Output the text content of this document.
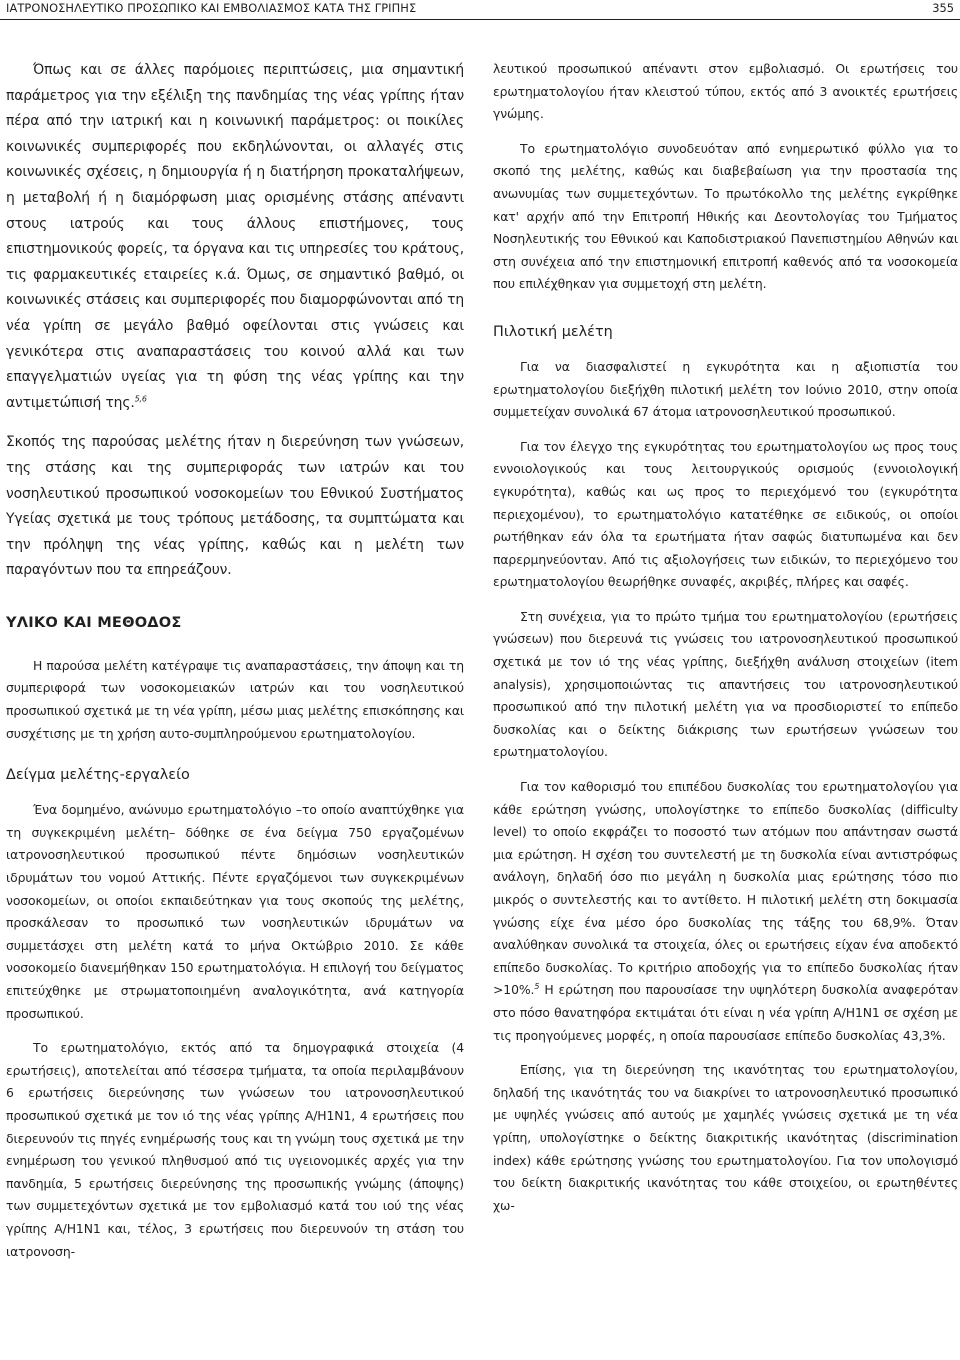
ΙΑΤΡΟΝΟΣΗΛΕΥΤΙΚΟ ΠΡΟΣΩΠΙΚΟ ΚΑΙ ΕΜΒΟΛΙΑΣΜΟΣ ΚΑΤΑ ΤΗΣ ΓΡΙΠΗΣ	355

Όπως και σε άλλες παρόμοιες περιπτώσεις, μια σημαντική παράμετρος για την εξέλιξη της πανδημίας της νέας γρίπης ήταν πέρα από την ιατρική και η κοινωνική παράμετρος: οι ποικίλες κοινωνικές συμπεριφορές που εκδηλώνονται, οι αλλαγές στις κοινωνικές σχέσεις, η δημιουργία ή η διατήρηση προκαταλήψεων, η μεταβολή ή η διαμόρφωση μιας ορισμένης στάσης απέναντι στους ιατρούς και τους άλλους επιστήμονες, τους επιστημονικούς φορείς, τα όργανα και τις υπηρεσίες του κράτους, τις φαρμακευτικές εταιρείες κ.ά. Όμως, σε σημαντικό βαθμό, οι κοινωνικές στάσεις και συμπεριφορές που διαμορφώνονται από τη νέα γρίπη σε μεγάλο βαθμό οφείλονται στις γνώσεις και γενικότερα στις αναπαραστάσεις του κοινού αλλά και των επαγγελματιών υγείας για τη φύση της νέας γρίπης και την αντιμετώπισή της.$^{5,6}$

Σκοπός της παρούσας μελέτης ήταν η διερεύνηση των γνώσεων, της στάσης και της συμπεριφοράς των ιατρών και του νοσηλευτικού προσωπικού νοσοκομείων του Εθνικού Συστήματος Υγείας σχετικά με τους τρόπους μετάδοσης, τα συμπτώματα και την πρόληψη της νέας γρίπης, καθώς και η μελέτη των παραγόντων που τα επηρεάζουν.

ΥΛΙΚΟ ΚΑΙ ΜΕΘΟΔΟΣ

Η παρούσα μελέτη κατέγραψε τις αναπαραστάσεις, την άποψη και τη συμπεριφορά των νοσοκομειακών ιατρών και του νοσηλευτικού προσωπικού σχετικά με τη νέα γρίπη, μέσω μιας μελέτης επισκόπησης και συσχέτισης με τη χρήση αυτο-συμπληρούμενου ερωτηματολογίου.

Δείγμα μελέτης-εργαλείο

Ένα δομημένο, ανώνυμο ερωτηματολόγιο –το οποίο αναπτύχθηκε για τη συγκεκριμένη μελέτη– δόθηκε σε ένα δείγμα 750 εργαζομένων ιατρονοσηλευτικού προσωπικού πέντε δημόσιων νοσηλευτικών ιδρυμάτων του νομού Αττικής. Πέντε εργαζόμενοι των συγκεκριμένων νοσοκομείων, οι οποίοι εκπαιδεύτηκαν για τους σκοπούς της μελέτης, προσκάλεσαν το προσωπικό των νοσηλευτικών ιδρυμάτων να συμμετάσχει στη μελέτη κατά το μήνα Οκτώβριο 2010. Σε κάθε νοσοκομείο διανεμήθηκαν 150 ερωτηματολόγια. Η επιλογή του δείγματος επιτεύχθηκε με στρωματοποιημένη αναλογικότητα, ανά κατηγορία προσωπικού.

Το ερωτηματολόγιο, εκτός από τα δημογραφικά στοιχεία (4 ερωτήσεις), αποτελείται από τέσσερα τμήματα, τα οποία περιλαμβάνουν 6 ερωτήσεις διερεύνησης των γνώσεων του ιατρονοσηλευτικού προσωπικού σχετικά με τον ιό της νέας γρίπης Α/Η1Ν1, 4 ερωτήσεις που διερευνούν τις πηγές ενημέρωσής τους και τη γνώμη τους σχετικά με την ενημέρωση του γενικού πληθυσμού από τις υγειονομικές αρχές για την πανδημία, 5 ερωτήσεις διερεύνησης της προσωπικής γνώμης (άποψης) των συμμετεχόντων σχετικά με τον εμβολιασμό κατά του ιού της νέας γρίπης Α/Η1Ν1 και, τέλος, 3 ερωτήσεις που διερευνούν τη στάση του ιατρονοση-

λευτικού προσωπικού απέναντι στον εμβολιασμό. Οι ερωτήσεις του ερωτηματολογίου ήταν κλειστού τύπου, εκτός από 3 ανοικτές ερωτήσεις γνώμης.

Το ερωτηματολόγιο συνοδευόταν από ενημερωτικό φύλλο για το σκοπό της μελέτης, καθώς και διαβεβαίωση για την προστασία της ανωνυμίας των συμμετεχόντων. Το πρωτόκολλο της μελέτης εγκρίθηκε κατ' αρχήν από την Επιτροπή Ηθικής και Δεοντολογίας του Τμήματος Νοσηλευτικής του Εθνικού και Καποδιστριακού Πανεπιστημίου Αθηνών και στη συνέχεια από την επιστημονική επιτροπή καθενός από τα νοσοκομεία που επιλέχθηκαν για συμμετοχή στη μελέτη.

Πιλοτική μελέτη

Για να διασφαλιστεί η εγκυρότητα και η αξιοπιστία του ερωτηματολογίου διεξήχθη πιλοτική μελέτη τον Ιούνιο 2010, στην οποία συμμετείχαν συνολικά 67 άτομα ιατρονοσηλευτικού προσωπικού.

Για τον έλεγχο της εγκυρότητας του ερωτηματολογίου ως προς τους εννοιολογικούς και τους λειτουργικούς ορισμούς (εννοιολογική εγκυρότητα), καθώς και ως προς το περιεχόμενό του (εγκυρότητα περιεχομένου), το ερωτηματολόγιο κατατέθηκε σε ειδικούς, οι οποίοι ρωτήθηκαν εάν όλα τα ερωτήματα ήταν σαφώς διατυπωμένα και δεν παρερμηνεύονταν. Από τις αξιολογήσεις των ειδικών, το περιεχόμενο του ερωτηματολογίου θεωρήθηκε συναφές, ακριβές, πλήρες και σαφές.

Στη συνέχεια, για το πρώτο τμήμα του ερωτηματολογίου (ερωτήσεις γνώσεων) που διερευνά τις γνώσεις του ιατρονοσηλευτικού προσωπικού σχετικά με τον ιό της νέας γρίπης, διεξήχθη ανάλυση στοιχείων (item analysis), χρησιμοποιώντας τις απαντήσεις του ιατρονοσηλευτικού προσωπικού από την πιλοτική μελέτη για να προσδιοριστεί το επίπεδο δυσκολίας και ο δείκτης διάκρισης των ερωτήσεων γνώσεων του ερωτηματολογίου.

Για τον καθορισμό του επιπέδου δυσκολίας του ερωτηματολογίου για κάθε ερώτηση γνώσης, υπολογίστηκε το επίπεδο δυσκολίας (difficulty level) το οποίο εκφράζει το ποσοστό των ατόμων που απάντησαν σωστά μια ερώτηση. Η σχέση του συντελεστή με τη δυσκολία είναι αντιστρόφως ανάλογη, δηλαδή όσο πιο μεγάλη η δυσκολία μιας ερώτησης τόσο πιο μικρός ο συντελεστής και το αντίθετο. Η πιλοτική μελέτη στη δοκιμασία γνώσης είχε ένα μέσο όρο δυσκολίας της τάξης του 68,9%. Όταν αναλύθηκαν συνολικά τα στοιχεία, όλες οι ερωτήσεις είχαν ένα αποδεκτό επίπεδο δυσκολίας. Το κριτήριο αποδοχής για το επίπεδο δυσκολίας ήταν >10%.$^5$ Η ερώτηση που παρουσίασε την υψηλότερη δυσκολία αναφερόταν στο πόσο θανατηφόρα εκτιμάται ότι είναι η νέα γρίπη Α/Η1Ν1 σε σχέση με τις προηγούμενες μορφές, η οποία παρουσίασε επίπεδο δυσκολίας 43,3%.

Επίσης, για τη διερεύνηση της ικανότητας του ερωτηματολογίου, δηλαδή της ικανότητάς του να διακρίνει το ιατρονοσηλευτικό προσωπικό με υψηλές γνώσεις από αυτούς με χαμηλές γνώσεις σχετικά με τη νέα γρίπη, υπολογίστηκε ο δείκτης διακριτικής ικανότητας (discrimination index) κάθε ερώτησης γνώσης του ερωτηματολογίου. Για τον υπολογισμό του δείκτη διακριτικής ικανότητας του κάθε στοιχείου, οι ερωτηθέντες χω-
